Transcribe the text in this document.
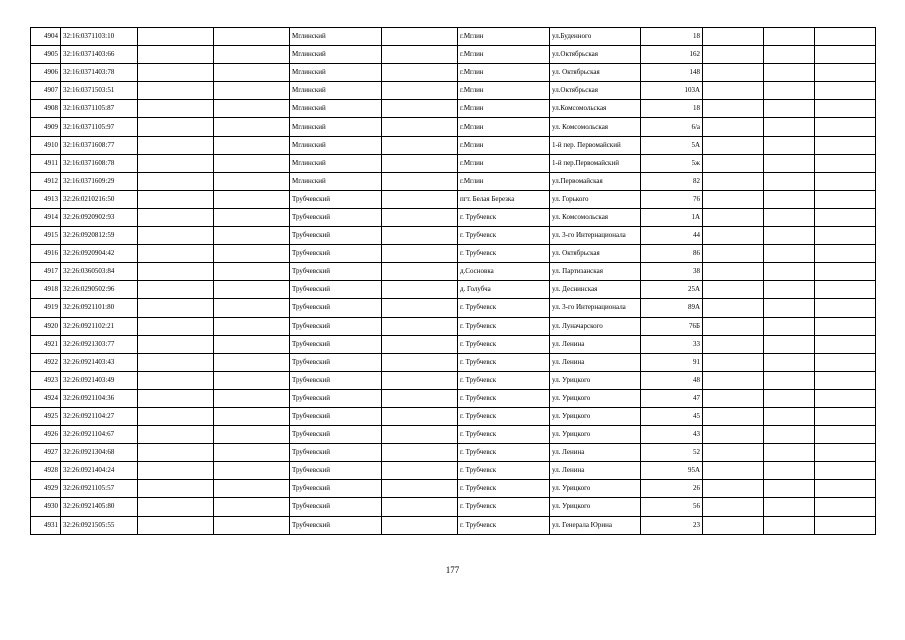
4904	32:16:0371103:10			Мглинский		г.Мглин	ул.Буденного	18			
4905	32:16:0371403:66			Мглинский		г.Мглин	ул.Октябрьская	162			
4906	32:16:0371403:78			Мглинский		г.Мглин	ул. Октябрьская	148			
4907	32:16:0371503:51			Мглинский		г.Мглин	ул.Октябрьская	103А			
4908	32:16:0371105:87			Мглинский		г.Мглин	ул.Комсомольская	18			
4909	32:16:0371105:97			Мглинский		г.Мглин	ул. Комсомольская	6/а			
4910	32:16:0371608:77			Мглинский		г.Мглин	1-й пер. Первомайский	5А			
4911	32:16:0371608:78			Мглинский		г.Мглин	1-й пер.Первомайский	5ж			
4912	32:16:0371609:29			Мглинский		г.Мглин	ул.Первомайская	82			
4913	32:26:0210216:50			Трубчевский		пгт. Белая Березка	ул. Горького	76			
4914	32:26:0920902:93			Трубчевский		г. Трубчевск	ул. Комсомольская	1А			
4915	32:26:0920812:59			Трубчевский		г. Трубчевск	ул. 3-го Интернационала	44			
4916	32:26:0920904:42			Трубчевский		г. Трубчевск	ул. Октябрьская	86			
4917	32:26:0360503:84			Трубчевский		д.Сосновка	ул. Партизанская	38			
4918	32:26:0290502:96			Трубчевский		д. Голубча	ул. Деснинская	25А			
4919	32:26:0921101:80			Трубчевский		г. Трубчевск	ул. 3-го Интернационала	89А			
4920	32:26:0921102:21			Трубчевский		г. Трубчевск	ул. Луначарского	76Б			
4921	32:26:0921303:77			Трубчевский		г. Трубчевск	ул. Ленина	33			
4922	32:26:0921403:43			Трубчевский		г. Трубчевск	ул. Ленина	91			
4923	32:26:0921403:49			Трубчевский		г. Трубчевск	ул. Урицкого	48			
4924	32:26:0921104:36			Трубчевский		г. Трубчевск	ул. Урицкого	47			
4925	32:26:0921104:27			Трубчевский		г. Трубчевск	ул. Урицкого	45			
4926	32:26:0921104:67			Трубчевский		г. Трубчевск	ул. Урицкого	43			
4927	32:26:0921304:68			Трубчевский		г. Трубчевск	ул. Ленина	52			
4928	32:26:0921404:24			Трубчевский		г. Трубчевск	ул. Ленина	95А			
4929	32:26:0921105:57			Трубчевский		г. Трубчевск	ул. Урицкого	26			
4930	32:26:0921405:80			Трубчевский		г. Трубчевск	ул. Урицкого	56			
4931	32:26:0921505:55			Трубчевский		г. Трубчевск	ул. Генерала Юрина	23			
177
